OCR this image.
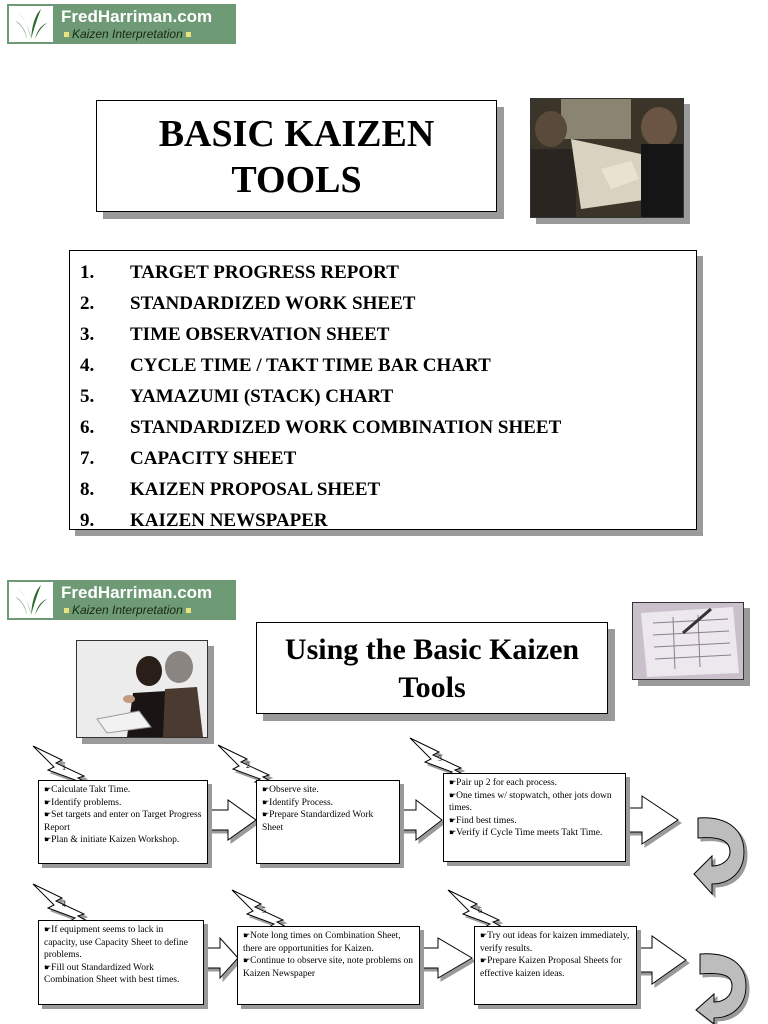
FredHarriman.com
Kaizen Interpretation
BASIC KAIZEN
TOOLS
1.	TARGET PROGRESS REPORT
2.	STANDARDIZED WORK SHEET
3.	TIME OBSERVATION SHEET
4.	CYCLE TIME / TAKT TIME BAR CHART
5.	YAMAZUMI (STACK) CHART
6.	STANDARDIZED WORK COMBINATION SHEET
7.	CAPACITY SHEET
8.	KAIZEN PROPOSAL SHEET
9.	KAIZEN NEWSPAPER
FredHarriman.com
Kaizen Interpretation
Using the Basic Kaizen
Tools
1	2
3
4
5	6

☛Calculate Takt Time.

☛Identify problems.

☛Set targets and enter on Target Progress Report

☛Plan & initiate Kaizen Workshop.

☛Observe site.

☛Identify Process.

☛Prepare Standardized Work Sheet

☛Pair up 2 for each process.

☛One times w/ stopwatch, other jots down times.

☛Find best times.

☛Verify if Cycle Time meets Takt Time.

☛If equipment seems to lack in capacity, use Capacity Sheet to define problems.

☛Fill out Standardized Work Combination Sheet with best times.

☛Note long times on Combination Sheet, there are opportunities for Kaizen.

☛Continue to observe site, note problems on Kaizen Newspaper

☛Try out ideas for kaizen immediately, verify results.

☛Prepare Kaizen Proposal Sheets for effective kaizen ideas.
